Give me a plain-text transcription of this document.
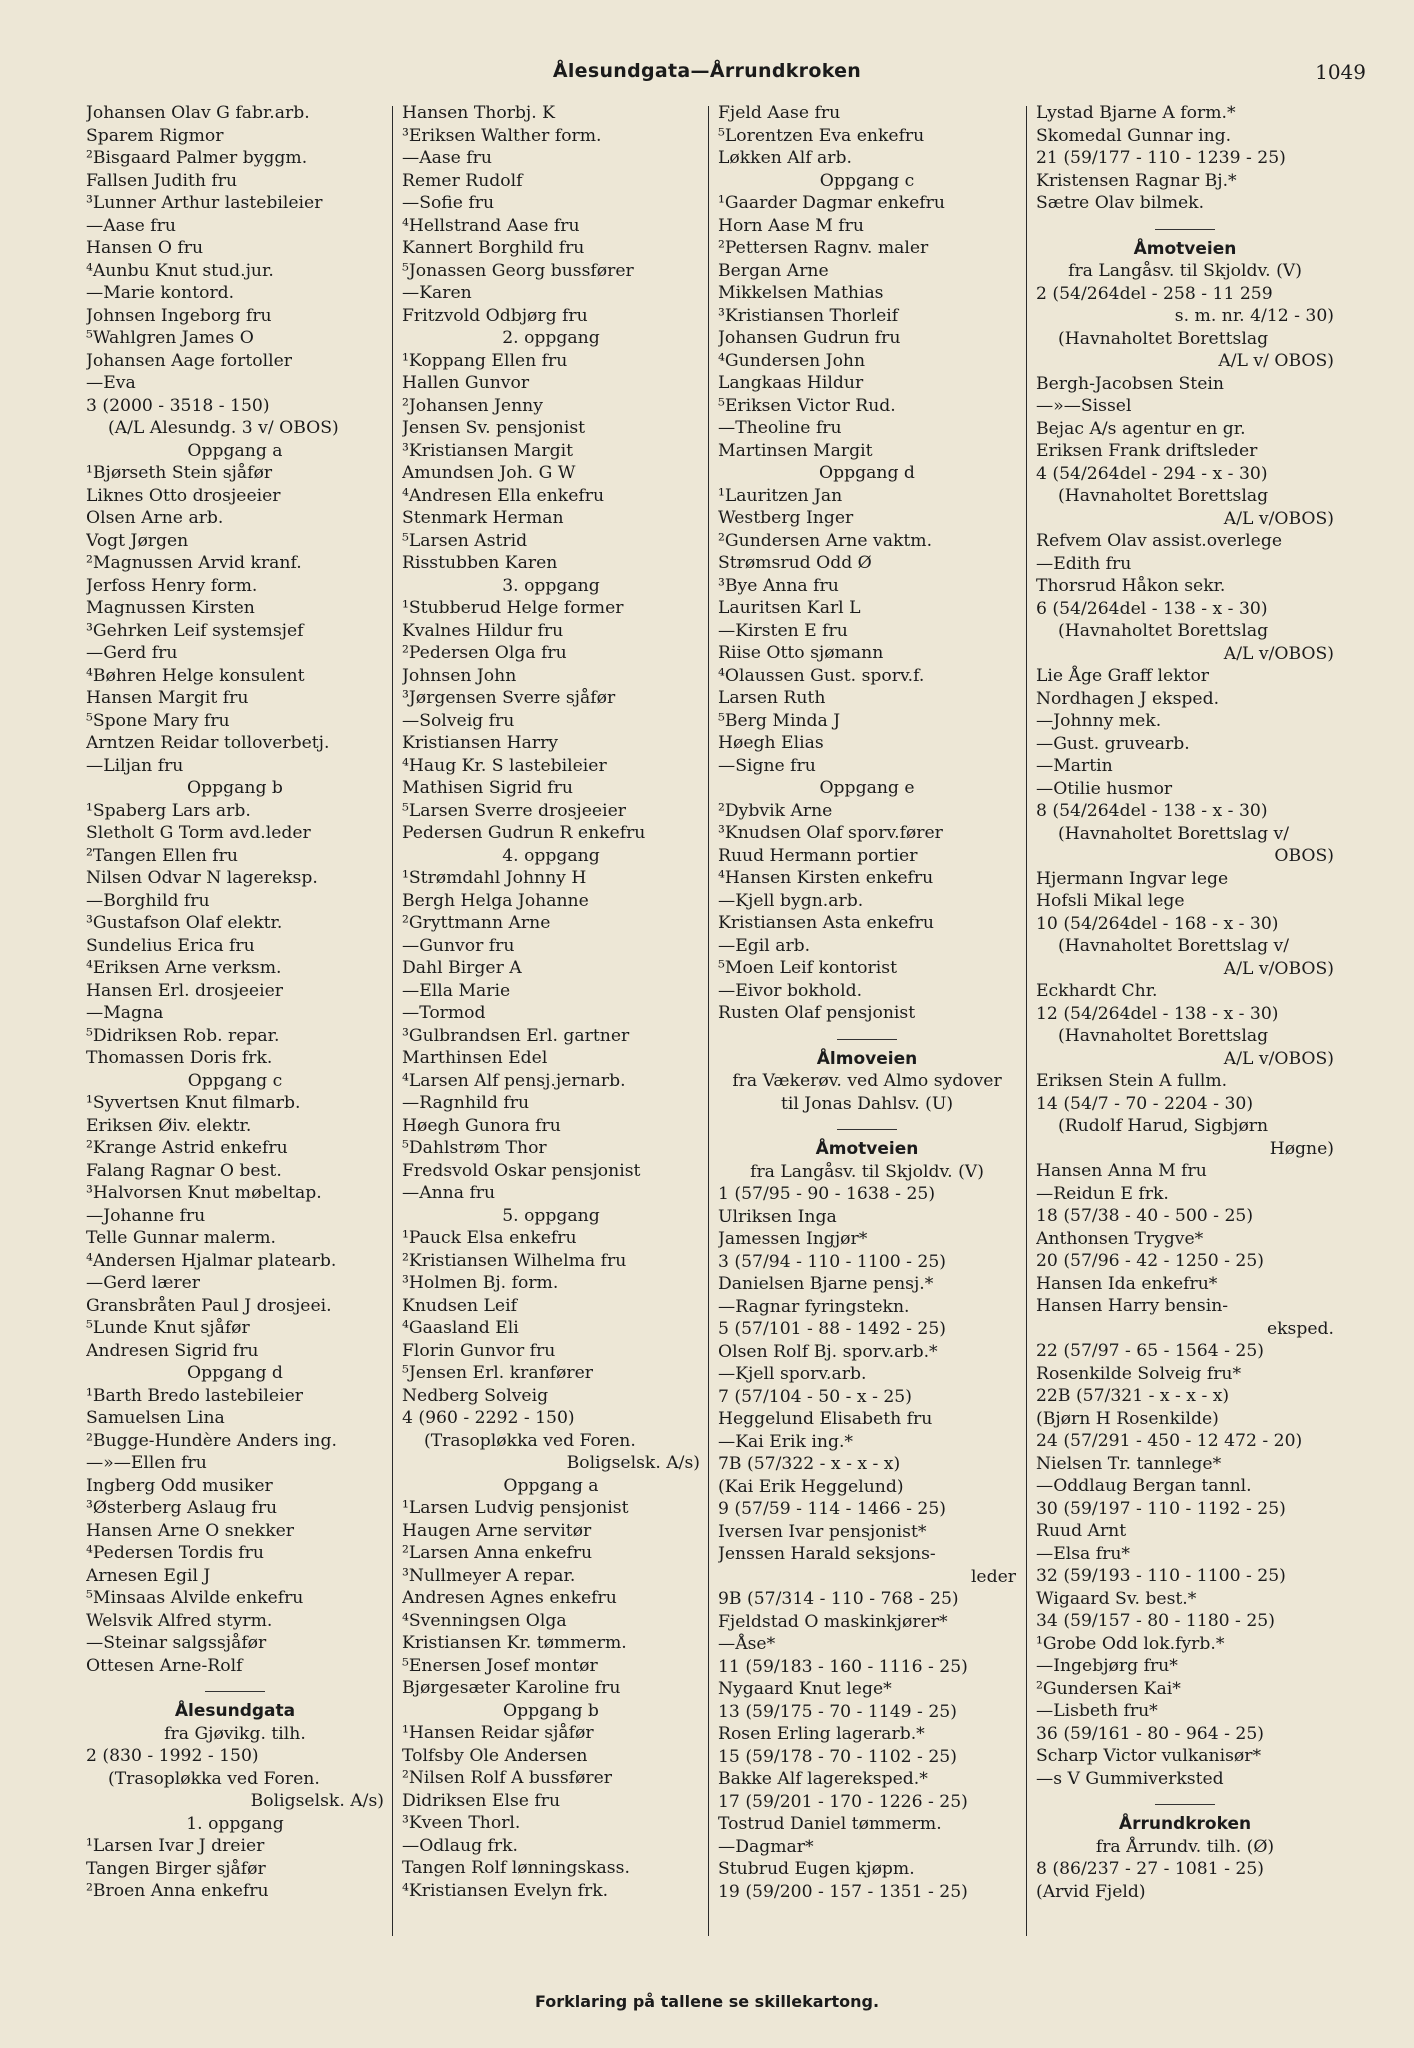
Ålesundgata—Årrundkroken	1049
Johansen Olav G fabr.arb.
Sparem Rigmor
²Bisgaard Palmer byggm.
Fallsen Judith fru
³Lunner Arthur lastebileier
—Aase fru
Hansen O fru
⁴Aunbu Knut stud.jur.
—Marie kontord.
Johnsen Ingeborg fru
⁵Wahlgren James O
Johansen Aage fortoller
—Eva
3 (2000 - 3518 - 150)
(A/L Alesundg. 3 v/ OBOS)
Oppgang a
¹Bjørseth Stein sjåfør
Liknes Otto drosjeeier
Olsen Arne arb.
Vogt Jørgen
²Magnussen Arvid kranf.
Jerfoss Henry form.
Magnussen Kirsten
³Gehrken Leif systemsjef
—Gerd fru
⁴Bøhren Helge konsulent
Hansen Margit fru
⁵Spone Mary fru
Arntzen Reidar tolloverbetj.
—Liljan fru
Oppgang b
¹Spaberg Lars arb.
Sletholt G Torm avd.leder
²Tangen Ellen fru
Nilsen Odvar N lagereksp.
—Borghild fru
³Gustafson Olaf elektr.
Sundelius Erica fru
⁴Eriksen Arne verksm.
Hansen Erl. drosjeeier
—Magna
⁵Didriksen Rob. repar.
Thomassen Doris frk.
Oppgang c
¹Syvertsen Knut filmarb.
Eriksen Øiv. elektr.
²Krange Astrid enkefru
Falang Ragnar O best.
³Halvorsen Knut møbeltap.
—Johanne fru
Telle Gunnar malerm.
⁴Andersen Hjalmar platearb.
—Gerd lærer
Gransbråten Paul J drosjeei.
⁵Lunde Knut sjåfør
Andresen Sigrid fru
Oppgang d
¹Barth Bredo lastebileier
Samuelsen Lina
²Bugge-Hundère Anders ing.
—»—Ellen fru
Ingberg Odd musiker
³Østerberg Aslaug fru
Hansen Arne O snekker
⁴Pedersen Tordis fru
Arnesen Egil J
⁵Minsaas Alvilde enkefru
Welsvik Alfred styrm.
—Steinar salgssjåfør
Ottesen Arne-Rolf
Ålesundgata
fra Gjøvikg. tilh.
2 (830 - 1992 - 150)
(Trasopløkka ved Foren.
Boligselsk. A/s)
1. oppgang
¹Larsen Ivar J dreier
Tangen Birger sjåfør
²Broen Anna enkefru
Hansen Thorbj. K
³Eriksen Walther form.
—Aase fru
Remer Rudolf
—Sofie fru
⁴Hellstrand Aase fru
Kannert Borghild fru
⁵Jonassen Georg bussfører
—Karen
Fritzvold Odbjørg fru
2. oppgang
¹Koppang Ellen fru
Hallen Gunvor
²Johansen Jenny
Jensen Sv. pensjonist
³Kristiansen Margit
Amundsen Joh. G W
⁴Andresen Ella enkefru
Stenmark Herman
⁵Larsen Astrid
Risstubben Karen
3. oppgang
¹Stubberud Helge former
Kvalnes Hildur fru
²Pedersen Olga fru
Johnsen John
³Jørgensen Sverre sjåfør
—Solveig fru
Kristiansen Harry
⁴Haug Kr. S lastebileier
Mathisen Sigrid fru
⁵Larsen Sverre drosjeeier
Pedersen Gudrun R enkefru
4. oppgang
¹Strømdahl Johnny H
Bergh Helga Johanne
²Gryttmann Arne
—Gunvor fru
Dahl Birger A
—Ella Marie
—Tormod
³Gulbrandsen Erl. gartner
Marthinsen Edel
⁴Larsen Alf pensj.jernarb.
—Ragnhild fru
Høegh Gunora fru
⁵Dahlstrøm Thor
Fredsvold Oskar pensjonist
—Anna fru
5. oppgang
¹Pauck Elsa enkefru
²Kristiansen Wilhelma fru
³Holmen Bj. form.
Knudsen Leif
⁴Gaasland Eli
Florin Gunvor fru
⁵Jensen Erl. kranfører
Nedberg Solveig
4 (960 - 2292 - 150)
(Trasopløkka ved Foren.
Boligselsk. A/s)
Oppgang a
¹Larsen Ludvig pensjonist
Haugen Arne servitør
²Larsen Anna enkefru
³Nullmeyer A repar.
Andresen Agnes enkefru
⁴Svenningsen Olga
Kristiansen Kr. tømmerm.
⁵Enersen Josef montør
Bjørgesæter Karoline fru
Oppgang b
¹Hansen Reidar sjåfør
Tolfsby Ole Andersen
²Nilsen Rolf A bussfører
Didriksen Else fru
³Kveen Thorl.
—Odlaug frk.
Tangen Rolf lønningskass.
⁴Kristiansen Evelyn frk.
Fjeld Aase fru
⁵Lorentzen Eva enkefru
Løkken Alf arb.
Oppgang c
¹Gaarder Dagmar enkefru
Horn Aase M fru
²Pettersen Ragnv. maler
Bergan Arne
Mikkelsen Mathias
³Kristiansen Thorleif
Johansen Gudrun fru
⁴Gundersen John
Langkaas Hildur
⁵Eriksen Victor Rud.
—Theoline fru
Martinsen Margit
Oppgang d
¹Lauritzen Jan
Westberg Inger
²Gundersen Arne vaktm.
Strømsrud Odd Ø
³Bye Anna fru
Lauritsen Karl L
—Kirsten E fru
Riise Otto sjømann
⁴Olaussen Gust. sporv.f.
Larsen Ruth
⁵Berg Minda J
Høegh Elias
—Signe fru
Oppgang e
²Dybvik Arne
³Knudsen Olaf sporv.fører
Ruud Hermann portier
⁴Hansen Kirsten enkefru
—Kjell bygn.arb.
Kristiansen Asta enkefru
—Egil arb.
⁵Moen Leif kontorist
—Eivor bokhold.
Rusten Olaf pensjonist
Ålmoveien
fra Vækerøv. ved Almo sydover
til Jonas Dahlsv. (U)
Åmotveien
fra Langåsv. til Skjoldv. (V)
1 (57/95 - 90 - 1638 - 25)
Ulriksen Inga
Jamessen Ingjør*
3 (57/94 - 110 - 1100 - 25)
Danielsen Bjarne pensj.*
—Ragnar fyringstekn.
5 (57/101 - 88 - 1492 - 25)
Olsen Rolf Bj. sporv.arb.*
—Kjell sporv.arb.
7 (57/104 - 50 - x - 25)
Heggelund Elisabeth fru
—Kai Erik ing.*
7B (57/322 - x - x - x)
(Kai Erik Heggelund)
9 (57/59 - 114 - 1466 - 25)
Iversen Ivar pensjonist*
Jenssen Harald seksjons-
leder
9B (57/314 - 110 - 768 - 25)
Fjeldstad O maskinkjører*
—Åse*
11 (59/183 - 160 - 1116 - 25)
Nygaard Knut lege*
13 (59/175 - 70 - 1149 - 25)
Rosen Erling lagerarb.*
15 (59/178 - 70 - 1102 - 25)
Bakke Alf lagereksped.*
17 (59/201 - 170 - 1226 - 25)
Tostrud Daniel tømmerm.
—Dagmar*
Stubrud Eugen kjøpm.
19 (59/200 - 157 - 1351 - 25)
Lystad Bjarne A form.*
Skomedal Gunnar ing.
21 (59/177 - 110 - 1239 - 25)
Kristensen Ragnar Bj.*
Sætre Olav bilmek.
Åmotveien
fra Langåsv. til Skjoldv. (V)
2 (54/264del - 258 - 11 259
s. m. nr. 4/12 - 30)
(Havnaholtet Borettslag
A/L v/ OBOS)
Bergh-Jacobsen Stein
—»—Sissel
Bejac A/s agentur en gr.
Eriksen Frank driftsleder
4 (54/264del - 294 - x - 30)
(Havnaholtet Borettslag
A/L v/OBOS)
Refvem Olav assist.overlege
—Edith fru
Thorsrud Håkon sekr.
6 (54/264del - 138 - x - 30)
(Havnaholtet Borettslag
A/L v/OBOS)
Lie Åge Graff lektor
Nordhagen J eksped.
—Johnny mek.
—Gust. gruvearb.
—Martin
—Otilie husmor
8 (54/264del - 138 - x - 30)
(Havnaholtet Borettslag v/
OBOS)
Hjermann Ingvar lege
Hofsli Mikal lege
10 (54/264del - 168 - x - 30)
(Havnaholtet Borettslag v/
A/L v/OBOS)
Eckhardt Chr.
12 (54/264del - 138 - x - 30)
(Havnaholtet Borettslag
A/L v/OBOS)
Eriksen Stein A fullm.
14 (54/7 - 70 - 2204 - 30)
(Rudolf Harud, Sigbjørn
Høgne)
Hansen Anna M fru
—Reidun E frk.
18 (57/38 - 40 - 500 - 25)
Anthonsen Trygve*
20 (57/96 - 42 - 1250 - 25)
Hansen Ida enkefru*
Hansen Harry bensin-
eksped.
22 (57/97 - 65 - 1564 - 25)
Rosenkilde Solveig fru*
22B (57/321 - x - x - x)
(Bjørn H Rosenkilde)
24 (57/291 - 450 - 12 472 - 20)
Nielsen Tr. tannlege*
—Oddlaug Bergan tannl.
30 (59/197 - 110 - 1192 - 25)
Ruud Arnt
—Elsa fru*
32 (59/193 - 110 - 1100 - 25)
Wigaard Sv. best.*
34 (59/157 - 80 - 1180 - 25)
¹Grobe Odd lok.fyrb.*
—Ingebjørg fru*
²Gundersen Kai*
—Lisbeth fru*
36 (59/161 - 80 - 964 - 25)
Scharp Victor vulkanisør*
—s V Gummiverksted
Årrundkroken
fra Årrundv. tilh. (Ø)
8 (86/237 - 27 - 1081 - 25)
(Arvid Fjeld)
Forklaring på tallene se skillekartong.
